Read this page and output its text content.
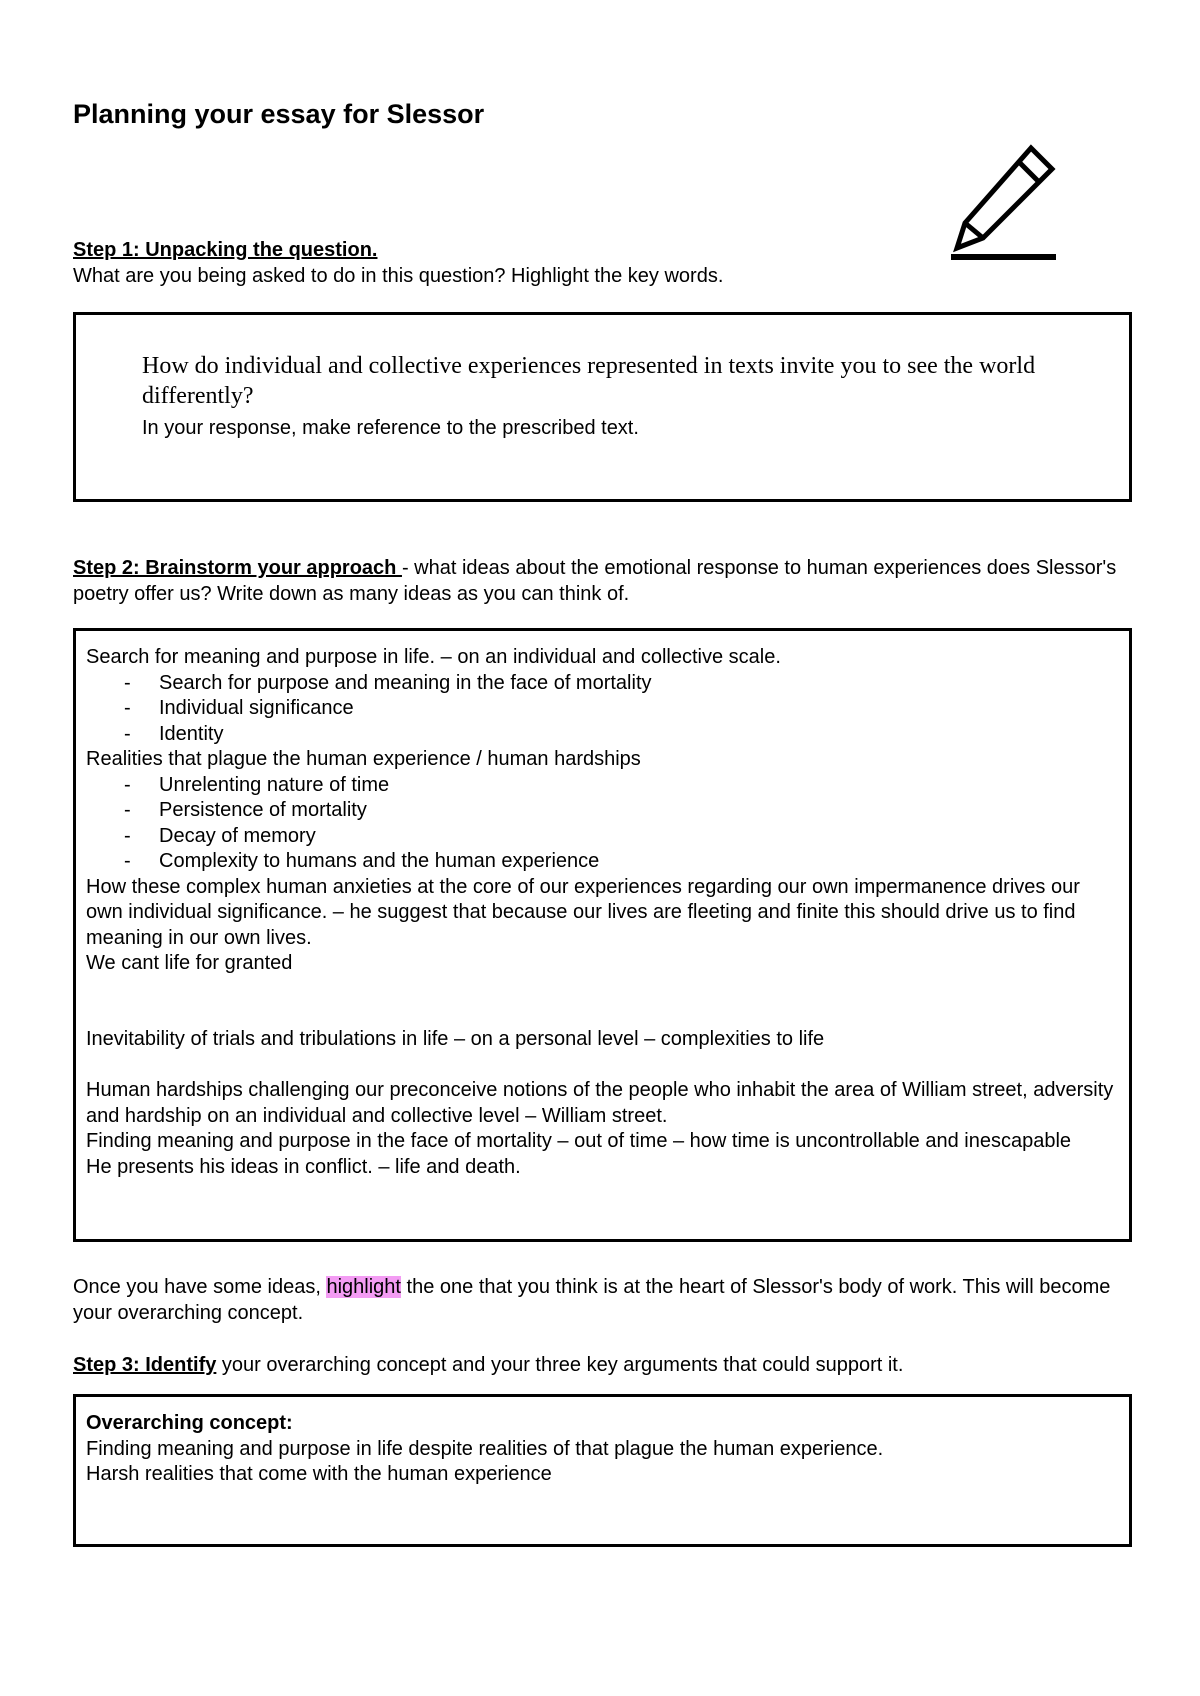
Planning your essay for Slessor

Step 1: Unpacking the question.
What are you being asked to do in this question? Highlight the key words.

How do individual and collective experiences represented in texts invite you to see the world differently?

In your response, make reference to the prescribed text.

Step 2: Brainstorm your approach - what ideas about the emotional response to human experiences does Slessor's poetry offer us? Write down as many ideas as you can think of.

Search for meaning and purpose in life. – on an individual and collective scale.

- Search for purpose and meaning in the face of mortality
- Individual significance
- Identity

Realities that plague the human experience / human hardships

- Unrelenting nature of time
- Persistence of mortality
- Decay of memory
- Complexity to humans and the human experience

How these complex human anxieties at the core of our experiences regarding our own impermanence drives our own individual significance. – he suggest that because our lives are fleeting and finite this should drive us to find meaning in our own lives.

We cant life for granted

Inevitability of trials and tribulations in life – on a personal level – complexities to life

Human hardships challenging our preconceive notions of the people who inhabit the area of William street, adversity and hardship on an individual and collective level – William street.

Finding meaning and purpose in the face of mortality – out of time – how time is uncontrollable and inescapable

He presents his ideas in conflict. – life and death.

Once you have some ideas, highlight the one that you think is at the heart of Slessor's body of work. This will become your overarching concept.

Step 3: Identify your overarching concept and your three key arguments that could support it.

Overarching concept:

Finding meaning and purpose in life despite realities of that plague the human experience.

Harsh realities that come with the human experience
